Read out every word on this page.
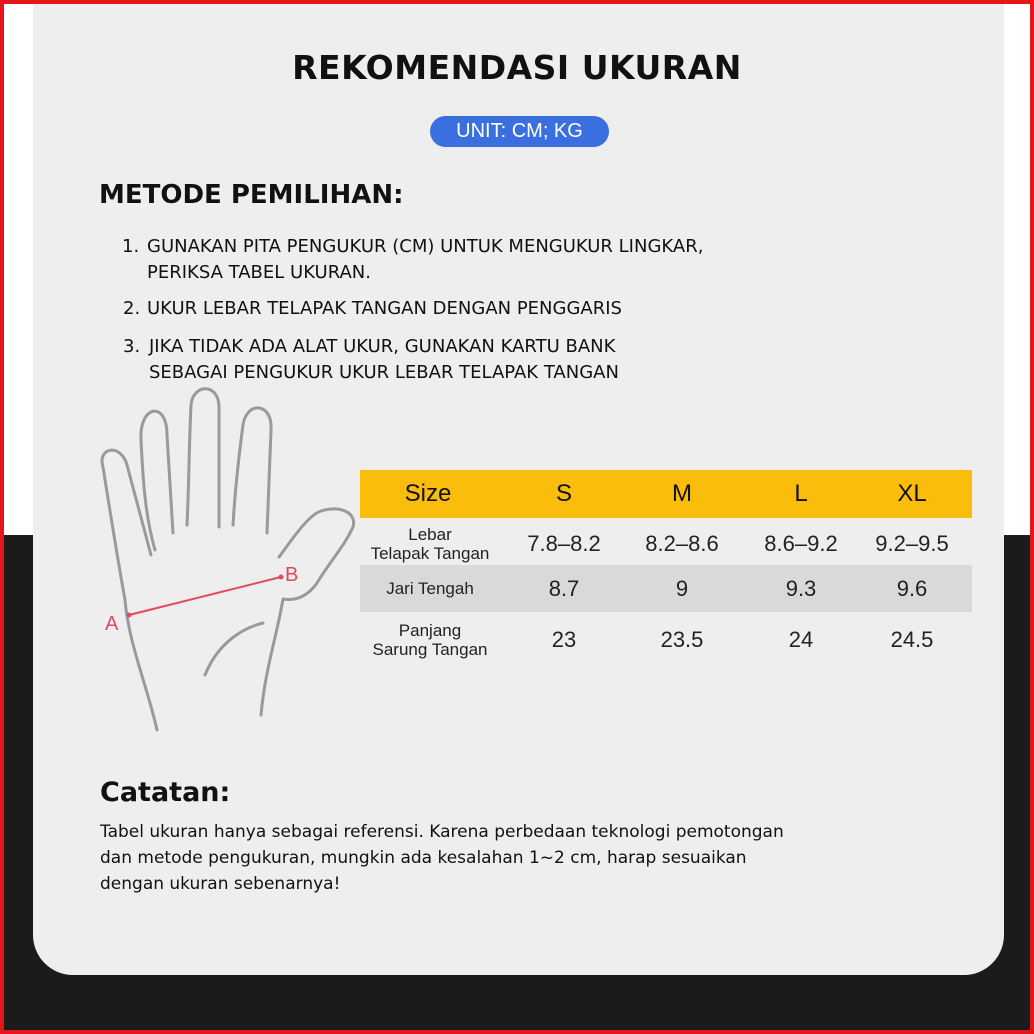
REKOMENDASI UKURAN
UNIT: CM; KG
METODE PEMILIHAN:
1. GUNAKAN PITA PENGUKUR (CM) UNTUK MENGUKUR LINGKAR,
PERIKSA TABEL UKURAN.
2. UKUR LEBAR TELAPAK TANGAN DENGAN PENGGARIS
3. JIKA TIDAK ADA ALAT UKUR, GUNAKAN KARTU BANK
SEBAGAI PENGUKUR UKUR LEBAR TELAPAK TANGAN
A
B
Size	S	M	L	XL
Lebar
Telapak Tangan	7.8–8.2	8.2–8.6	8.6–9.2	9.2–9.5
Jari Tengah	8.7	9	9.3	9.6
Panjang
Sarung Tangan	23	23.5	24	24.5
Catatan:
Tabel ukuran hanya sebagai referensi. Karena perbedaan teknologi pemotongan
dan metode pengukuran, mungkin ada kesalahan 1~2 cm, harap sesuaikan
dengan ukuran sebenarnya!
